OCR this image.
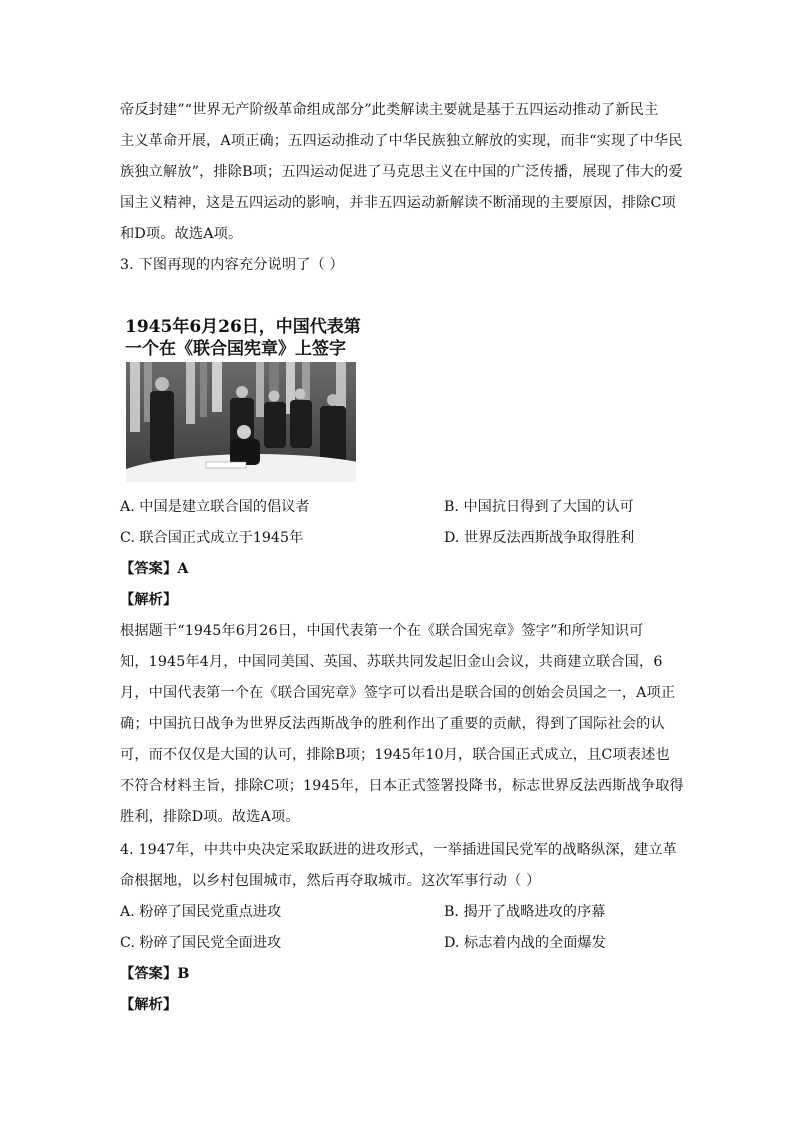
帝反封建”“世界无产阶级革命组成部分”此类解读主要就是基于五四运动推动了新民主
主义革命开展，A项正确；五四运动推动了中华民族独立解放的实现，而非“实现了中华民
族独立解放”，排除B项；五四运动促进了马克思主义在中国的广泛传播，展现了伟大的爱
国主义精神，这是五四运动的影响，并非五四运动新解读不断涌现的主要原因，排除C项
和D项。故选A项。
3. 下图再现的内容充分说明了（ ）
1945年6月26日，中国代表第
一个在《联合国宪章》上签字
A. 中国是建立联合国的倡议者	B. 中国抗日得到了大国的认可
C. 联合国正式成立于1945年	D. 世界反法西斯战争取得胜利
【答案】A
【解析】
根据题干“1945年6月26日，中国代表第一个在《联合国宪章》签字”和所学知识可
知，1945年4月，中国同美国、英国、苏联共同发起旧金山会议，共商建立联合国，6
月，中国代表第一个在《联合国宪章》签字可以看出是联合国的创始会员国之一，A项正
确；中国抗日战争为世界反法西斯战争的胜利作出了重要的贡献，得到了国际社会的认
可，而不仅仅是大国的认可，排除B项；1945年10月，联合国正式成立，且C项表述也
不符合材料主旨，排除C项；1945年，日本正式签署投降书，标志世界反法西斯战争取得
胜利，排除D项。故选A项。
4. 1947年，中共中央决定采取跃进的进攻形式，一举插进国民党军的战略纵深，建立革
命根据地，以乡村包围城市，然后再夺取城市。这次军事行动（ ）
A. 粉碎了国民党重点进攻	B. 揭开了战略进攻的序幕
C. 粉碎了国民党全面进攻	D. 标志着内战的全面爆发
【答案】B
【解析】
